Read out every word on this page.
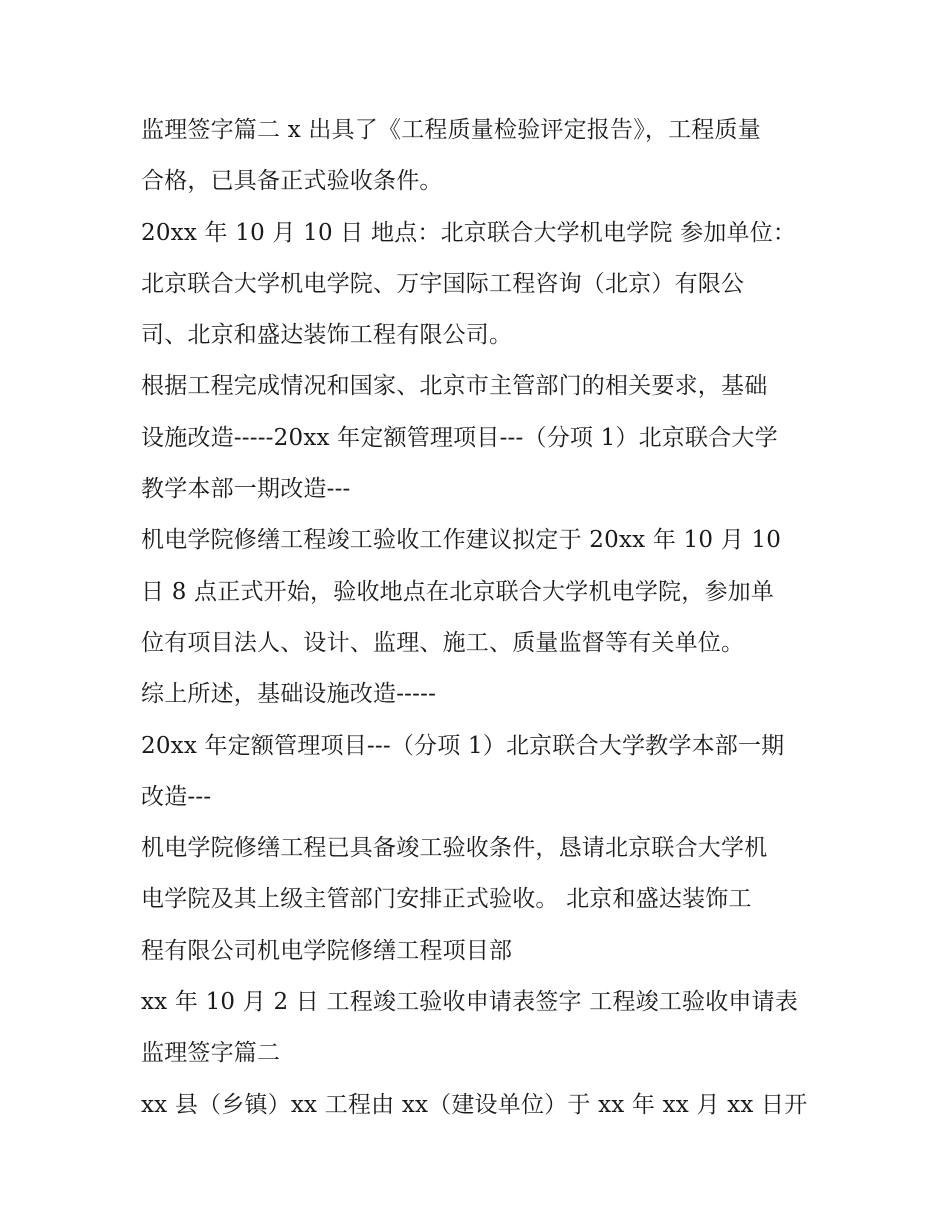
监理签字篇二 x 出具了《工程质量检验评定报告》，工程质量
合格，已具备正式验收条件。
20xx 年 10 月 10 日 地点：北京联合大学机电学院 参加单位：
北京联合大学机电学院、万宇国际工程咨询（北京）有限公
司、北京和盛达装饰工程有限公司。
根据工程完成情况和国家、北京市主管部门的相关要求，基础
设施改造-----20xx 年定额管理项目---（分项 1）北京联合大学
教学本部一期改造---
机电学院修缮工程竣工验收工作建议拟定于 20xx 年 10 月 10
日 8 点正式开始，验收地点在北京联合大学机电学院，参加单
位有项目法人、设计、监理、施工、质量监督等有关单位。
综上所述，基础设施改造-----
20xx 年定额管理项目---（分项 1）北京联合大学教学本部一期
改造---
机电学院修缮工程已具备竣工验收条件，恳请北京联合大学机
电学院及其上级主管部门安排正式验收。 北京和盛达装饰工
程有限公司机电学院修缮工程项目部
xx 年 10 月 2 日 工程竣工验收申请表签字 工程竣工验收申请表
监理签字篇二
xx 县（乡镇）xx 工程由 xx（建设单位）于 xx 年 xx 月 xx 日开
